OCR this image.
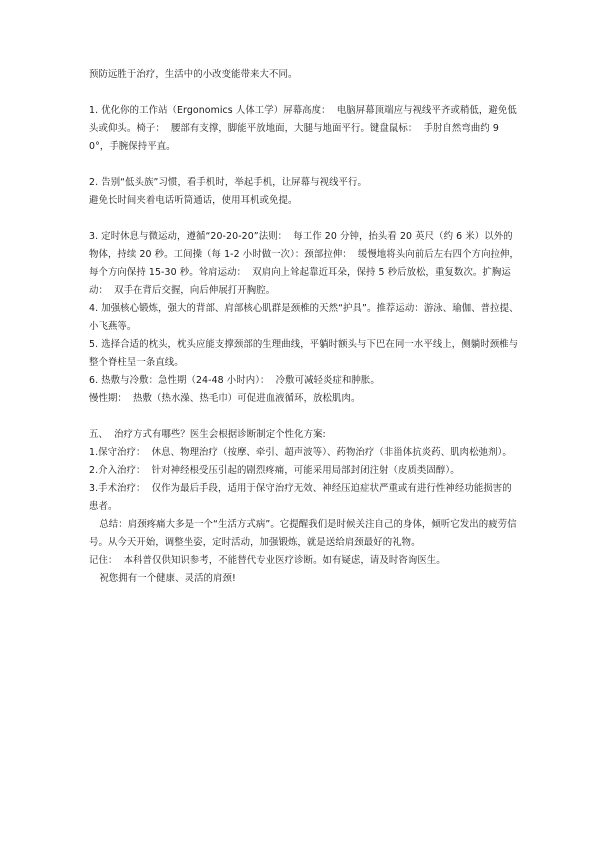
预防远胜于治疗，生活中的小改变能带来大不同。

1. 优化你的工作站（Ergonomics 人体工学）屏幕高度：  电脑屏幕顶端应与视线平齐或稍低，避免低头或仰头。椅子：  腰部有支撑，脚能平放地面，大腿与地面平行。键盘鼠标：  手肘自然弯曲约 90°，手腕保持平直。

2. 告别“低头族”习惯，看手机时，举起手机，让屏幕与视线平行。
避免长时间夹着电话听筒通话，使用耳机或免提。

3. 定时休息与微运动，遵循“20-20-20”法则：  每工作 20 分钟，抬头看 20 英尺（约 6 米）以外的物体，持续 20 秒。工间操（每 1-2 小时做一次）：颈部拉伸：  缓慢地将头向前后左右四个方向拉伸，每个方向保持 15-30 秒。耸肩运动：  双肩向上耸起靠近耳朵，保持 5 秒后放松，重复数次。扩胸运动：  双手在背后交握，向后伸展打开胸腔。
4. 加强核心锻炼，强大的背部、肩部核心肌群是颈椎的天然“护具”。推荐运动：游泳、瑜伽、普拉提、小飞燕等。
5. 选择合适的枕头，枕头应能支撑颈部的生理曲线，平躺时额头与下巴在同一水平线上，侧躺时颈椎与整个脊柱呈一条直线。
6. 热敷与冷敷：急性期（24-48 小时内）：  冷敷可减轻炎症和肿胀。
慢性期：  热敷（热水澡、热毛巾）可促进血液循环，放松肌肉。

五、  治疗方式有哪些？医生会根据诊断制定个性化方案:

1.保守治疗：  休息、物理治疗（按摩、牵引、超声波等）、药物治疗（非甾体抗炎药、肌肉松弛剂）。

2.介入治疗：  针对神经根受压引起的剧烈疼痛，可能采用局部封闭注射（皮质类固醇）。

3.手术治疗：  仅作为最后手段，适用于保守治疗无效、神经压迫症状严重或有进行性神经功能损害的患者。

总结：肩颈疼痛大多是一个“生活方式病”。它提醒我们是时候关注自己的身体，倾听它发出的疲劳信号。从今天开始，调整坐姿，定时活动，加强锻炼，就是送给肩颈最好的礼物。

记住：  本科普仅供知识参考，不能替代专业医疗诊断。如有疑虑，请及时咨询医生。

祝您拥有一个健康、灵活的肩颈!
